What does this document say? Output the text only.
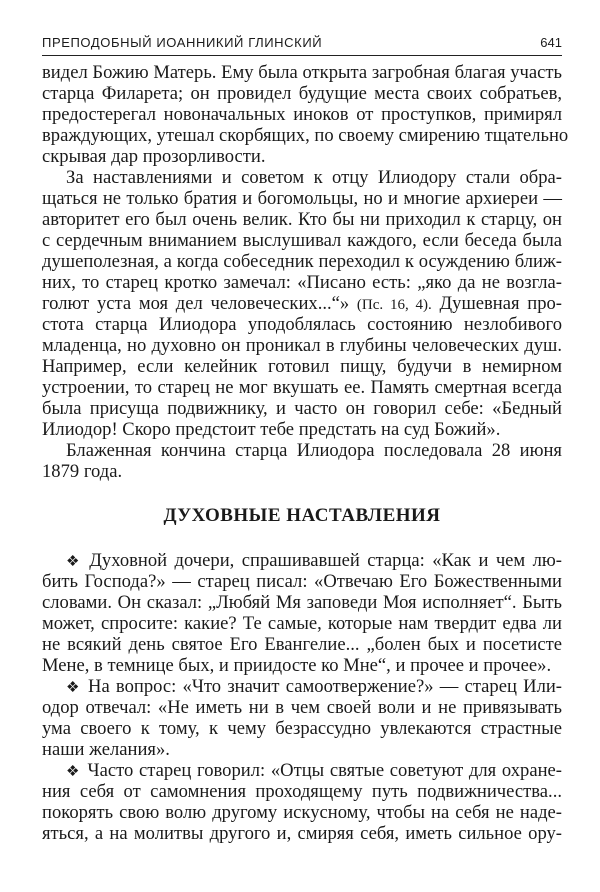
ПРЕПОДОБНЫЙ ИОАННИКИЙ ГЛИНСКИЙ	641
видел Божию Матерь. Ему была открыта загробная благая участь
старца Филарета; он провидел будущие места своих собратьев,
предостерегал новоначальных иноков от проступков, примирял
враждующих, утешал скорбящих, по своему смирению тщательно
скрывая дар прозорливости.
За наставлениями и советом к отцу Илиодору стали обра-
щаться не только братия и богомольцы, но и многие архиереи —
авторитет его был очень велик. Кто бы ни приходил к старцу, он
с сердечным вниманием выслушивал каждого, если беседа была
душеполезная, а когда собеседник переходил к осуждению ближ-
них, то старец кротко замечал: «Писано есть: „яко да не возгла-
голют уста моя дел человеческих...“» (Пс. 16, 4). Душевная про-
стота старца Илиодора уподоблялась состоянию незлобивого
младенца, но духовно он проникал в глубины человеческих душ.
Например, если келейник готовил пищу, будучи в немирном
устроении, то старец не мог вкушать ее. Память смертная всегда
была присуща подвижнику, и часто он говорил себе: «Бедный
Илиодор! Скоро предстоит тебе предстать на суд Божий».
Блаженная кончина старца Илиодора последовала 28 июня
1879 года.
ДУХОВНЫЕ НАСТАВЛЕНИЯ
❖ Духовной дочери, спрашивавшей старца: «Как и чем лю-
бить Господа?» — старец писал: «Отвечаю Его Божественными
словами. Он сказал: „Любяй Мя заповеди Моя исполняет“. Быть
может, спросите: какие? Те самые, которые нам твердит едва ли
не всякий день святое Его Евангелие... „болен бых и посетисте
Мене, в темнице бых, и приидосте ко Мне“, и прочее и прочее».
❖ На вопрос: «Что значит самоотвержение?» — старец Или-
одор отвечал: «Не иметь ни в чем своей воли и не привязывать
ума своего к тому, к чему безрассудно увлекаются страстные
наши желания».
❖ Часто старец говорил: «Отцы святые советуют для охране-
ния себя от самомнения проходящему путь подвижничества...
покорять свою волю другому искусному, чтобы на себя не наде-
яться, а на молитвы другого и, смиряя себя, иметь сильное ору-
